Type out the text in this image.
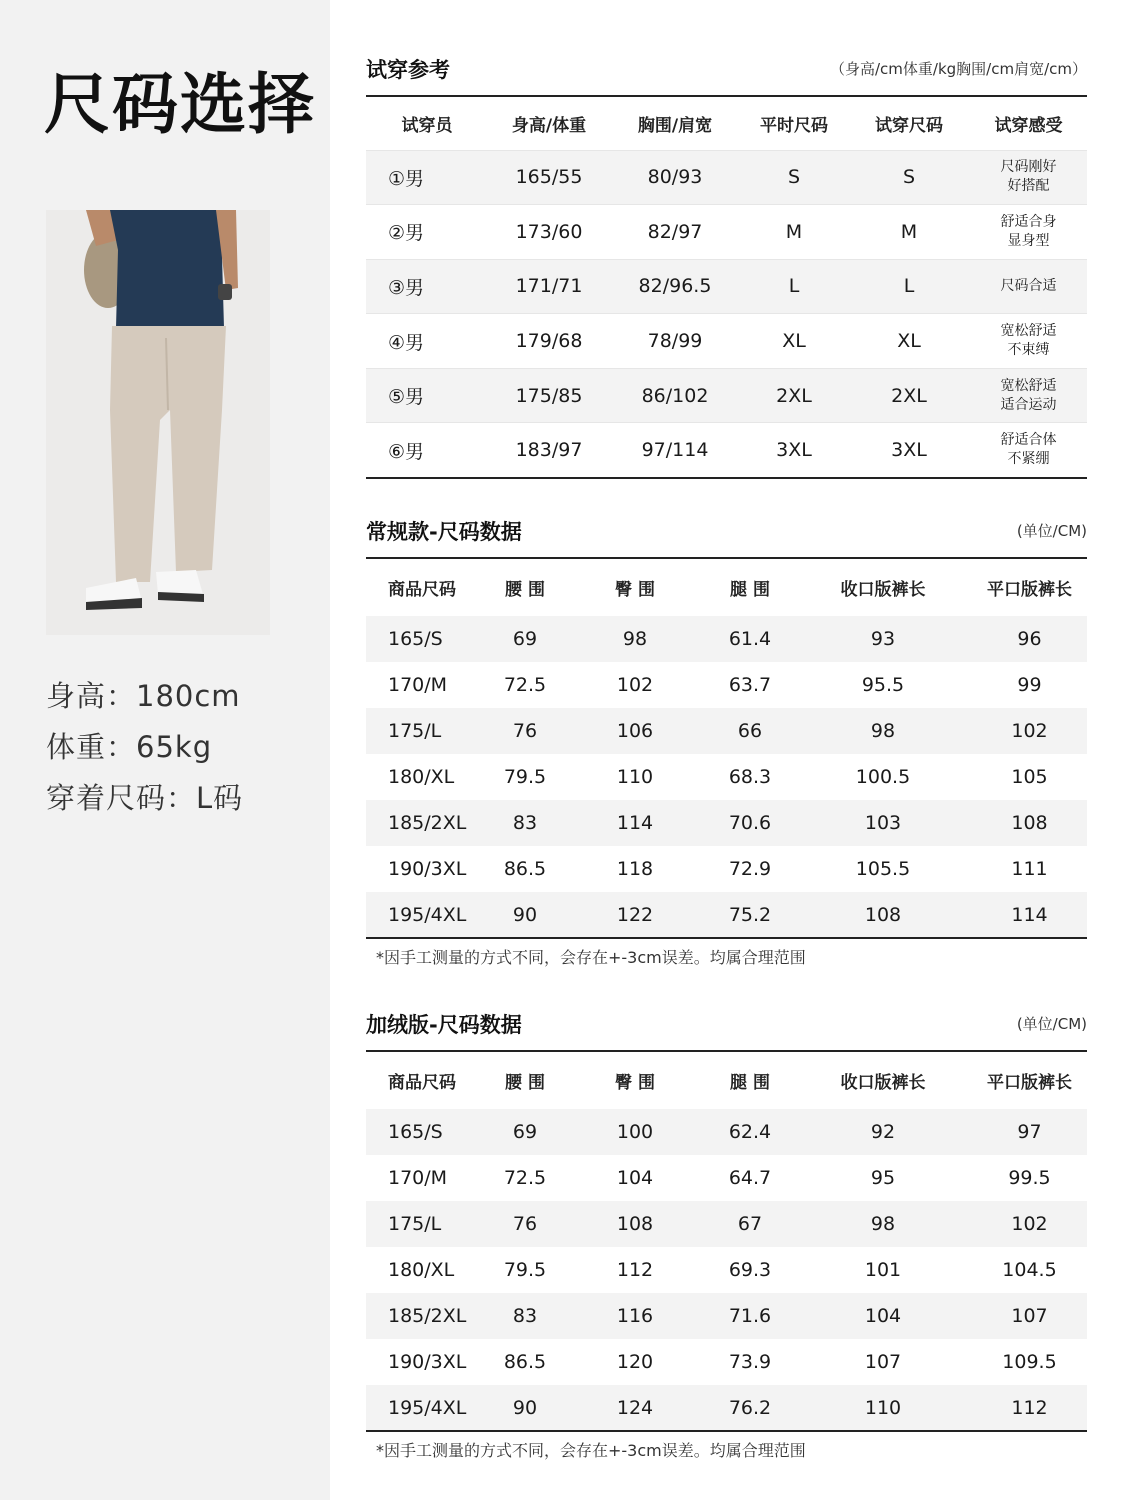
尺码选择
身高：180cm
体重：65kg
穿着尺码：L码
试穿参考	（身高/cm体重/kg胸围/cm肩宽/cm）
试穿员	身高/体重	胸围/肩宽	平时尺码	试穿尺码	试穿感受
①男	165/55	80/93	S	S	尺码刚好
好搭配

②男	173/60	82/97	M	M	舒适合身
显身型

③男	171/71	82/96.5	L	L	尺码合适

④男	179/68	78/99	XL	XL	宽松舒适
不束缚

⑤男	175/85	86/102	2XL	2XL	宽松舒适
适合运动

⑥男	183/97	97/114	3XL	3XL	舒适合体
不紧绷
常规款-尺码数据	(单位/CM)
商品尺码	腰 围	臀 围	腿 围	收口版裤长	平口版裤长
165/S	69	98	61.4	93	96
170/M	72.5	102	63.7	95.5	99
175/L	76	106	66	98	102
180/XL	79.5	110	68.3	100.5	105
185/2XL	83	114	70.6	103	108
190/3XL	86.5	118	72.9	105.5	111
195/4XL	90	122	75.2	108	114
*因手工测量的方式不同，会存在+-3cm误差。均属合理范围
加绒版-尺码数据	(单位/CM)
商品尺码	腰 围	臀 围	腿 围	收口版裤长	平口版裤长
165/S	69	100	62.4	92	97
170/M	72.5	104	64.7	95	99.5
175/L	76	108	67	98	102
180/XL	79.5	112	69.3	101	104.5
185/2XL	83	116	71.6	104	107
190/3XL	86.5	120	73.9	107	109.5
195/4XL	90	124	76.2	110	112
*因手工测量的方式不同，会存在+-3cm误差。均属合理范围
